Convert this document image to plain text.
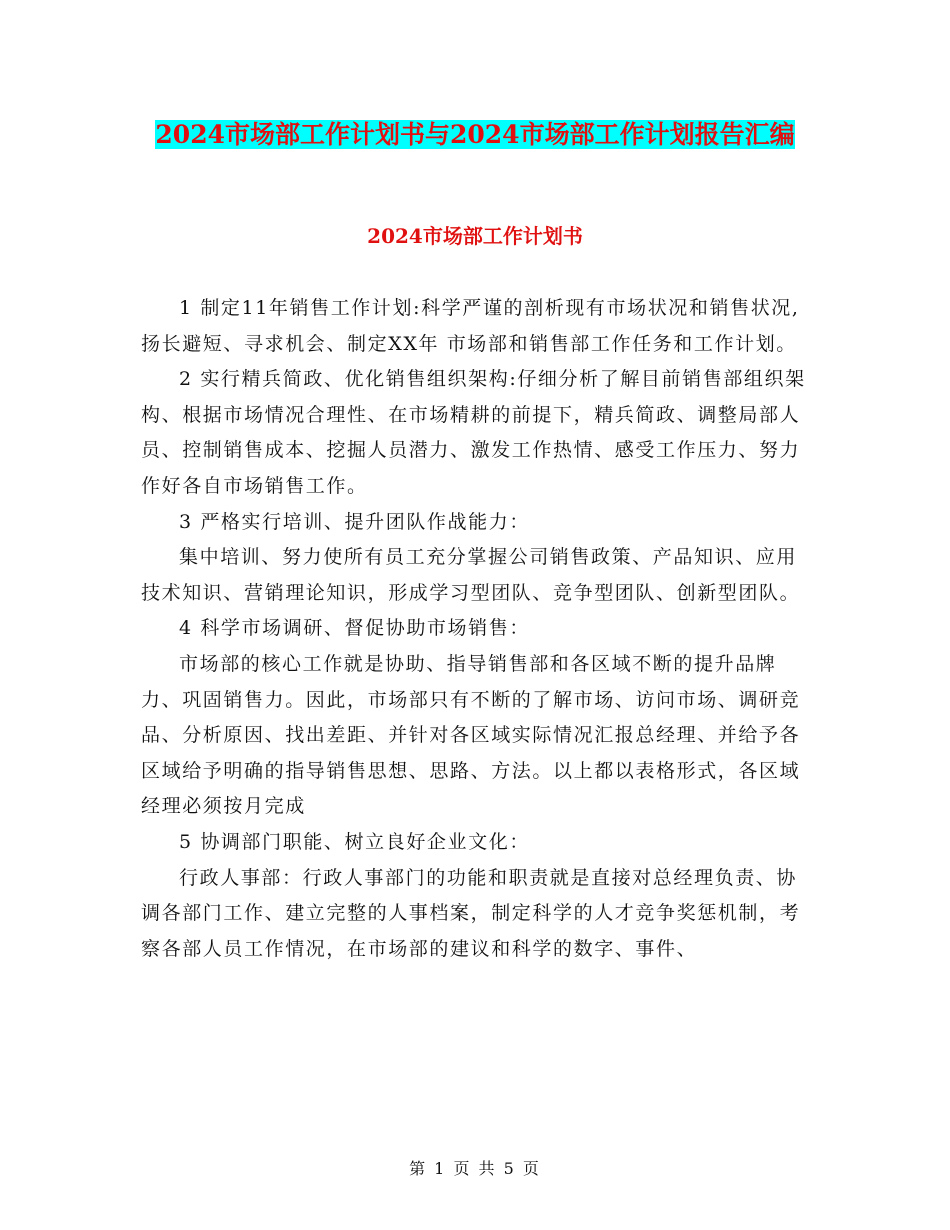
2024市场部工作计划书与2024市场部工作计划报告汇编
2024市场部工作计划书

1 制定11年销售工作计划:科学严谨的剖析现有市场状况和销售状况,扬长避短、寻求机会、制定XX年 市场部和销售部工作任务和工作计划。

2 实行精兵简政、优化销售组织架构:仔细分析了解目前销售部组织架构、根据市场情况合理性、在市场精耕的前提下，精兵简政、调整局部人员、控制销售成本、挖掘人员潜力、激发工作热情、感受工作压力、努力作好各自市场销售工作。

3 严格实行培训、提升团队作战能力：

集中培训、努力使所有员工充分掌握公司销售政策、产品知识、应用技术知识、营销理论知识，形成学习型团队、竞争型团队、创新型团队。

4 科学市场调研、督促协助市场销售：

市场部的核心工作就是协助、指导销售部和各区域不断的提升品牌力、巩固销售力。因此，市场部只有不断的了解市场、访问市场、调研竞品、分析原因、找出差距、并针对各区域实际情况汇报总经理、并给予各区域给予明确的指导销售思想、思路、方法。以上都以表格形式，各区域经理必须按月完成

5 协调部门职能、树立良好企业文化：

行政人事部：行政人事部门的功能和职责就是直接对总经理负责、协调各部门工作、建立完整的人事档案，制定科学的人才竞争奖惩机制，考察各部人员工作情况，在市场部的建议和科学的数字、事件、

第 1 页 共 5 页
